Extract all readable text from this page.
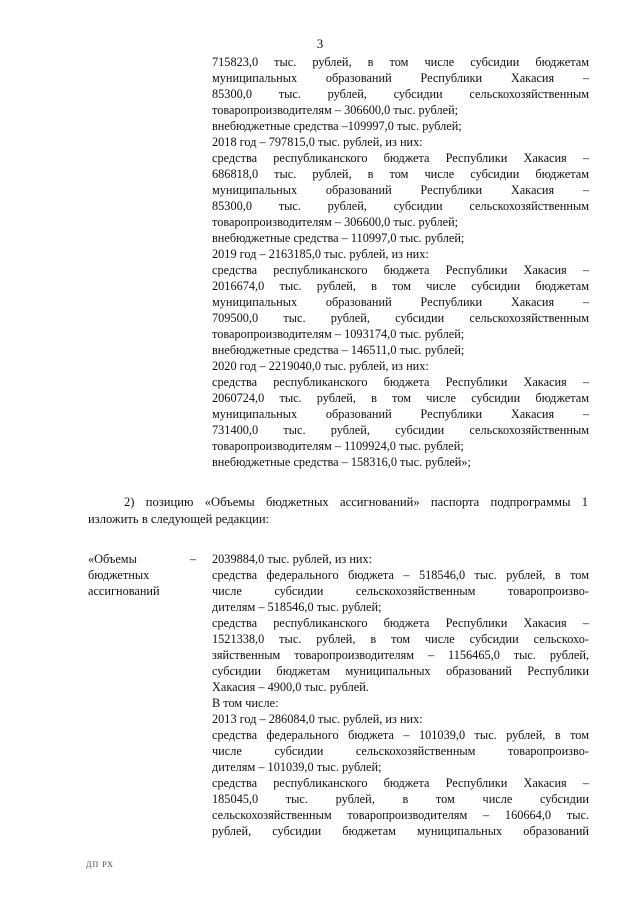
3
715823,0 тыс. рублей, в том числе субсидии бюджетам
муниципальных образований Республики Хакасия –
85300,0 тыс. рублей, субсидии сельскохозяйственным
товаропроизводителям – 306600,0 тыс. рублей;
внебюджетные средства –109997,0 тыс. рублей;
2018 год – 797815,0 тыс. рублей, из них:
средства республиканского бюджета Республики Хакасия –
686818,0 тыс. рублей, в том числе субсидии бюджетам
муниципальных образований Республики Хакасия –
85300,0 тыс. рублей, субсидии сельскохозяйственным
товаропроизводителям – 306600,0 тыс. рублей;
внебюджетные средства – 110997,0 тыс. рублей;
2019 год – 2163185,0 тыс. рублей, из них:
средства республиканского бюджета Республики Хакасия –
2016674,0 тыс. рублей, в том числе субсидии бюджетам
муниципальных образований Республики Хакасия –
709500,0 тыс. рублей, субсидии сельскохозяйственным
товаропроизводителям – 1093174,0 тыс. рублей;
внебюджетные средства – 146511,0 тыс. рублей;
2020 год – 2219040,0 тыс. рублей, из них:
средства республиканского бюджета Республики Хакасия –
2060724,0 тыс. рублей, в том числе субсидии бюджетам
муниципальных образований Республики Хакасия –
731400,0 тыс. рублей, субсидии сельскохозяйственным
товаропроизводителям – 1109924,0 тыс. рублей;
внебюджетные средства – 158316,0 тыс. рублей»;
2) позицию «Объемы бюджетных ассигнований» паспорта подпрограммы 1
изложить в следующей редакции:
«Объемы
бюджетных
ассигнований
– 2039884,0 тыс. рублей, из них:
средства федерального бюджета – 518546,0 тыс. рублей, в том
числе субсидии сельскохозяйственным товаропроизво-
дителям – 518546,0 тыс. рублей;
средства республиканского бюджета Республики Хакасия –
1521338,0 тыс. рублей, в том числе субсидии сельскохо-
зяйственным товаропроизводителям – 1156465,0 тыс. рублей,
субсидии бюджетам муниципальных образований Республики
Хакасия – 4900,0 тыс. рублей.
В том числе:
2013 год – 286084,0 тыс. рублей, из них:
средства федерального бюджета – 101039,0 тыс. рублей, в том
числе субсидии сельскохозяйственным товаропроизво-
дителям – 101039,0 тыс. рублей;
средства республиканского бюджета Республики Хакасия –
185045,0 тыс. рублей, в том числе субсидии
сельскохозяйственным товаропроизводителям – 160664,0 тыс.
рублей, субсидии бюджетам муниципальных образований
ДП РХ
